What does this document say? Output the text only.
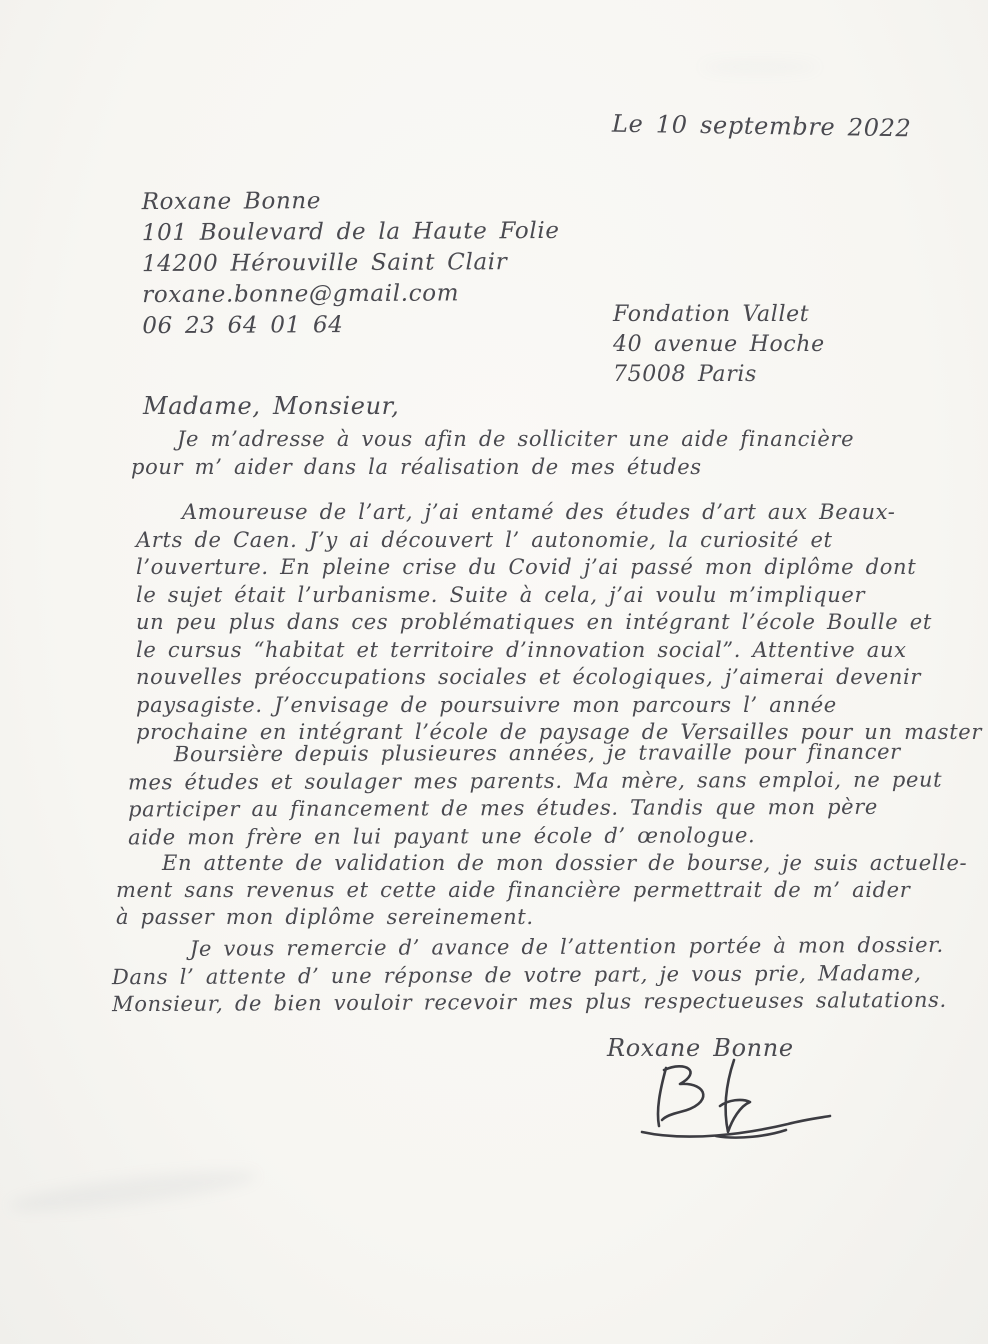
Le 10 septembre 2022
Roxane Bonne
101 Boulevard de la Haute Folie
14200 Hérouville Saint Clair
roxane.bonne@gmail.com
06 23 64 01 64	Fondation Vallet
40 avenue Hoche
75008 Paris
Madame, Monsieur,
Je m’adresse à vous afin de solliciter une aide financière
pour m’ aider dans la réalisation de mes études
Amoureuse de l’art, j’ai entamé des études d’art aux Beaux-
Arts de Caen. J’y ai découvert l’ autonomie, la curiosité et
l’ouverture. En pleine crise du Covid j’ai passé mon diplôme dont
le sujet était l’urbanisme. Suite à cela, j’ai voulu m’impliquer
un peu plus dans ces problématiques en intégrant l’école Boulle et
le cursus “habitat et territoire d’innovation social”. Attentive aux
nouvelles préoccupations sociales et écologiques, j’aimerai devenir
paysagiste. J’envisage de poursuivre mon parcours l’ année
prochaine en intégrant l’école de paysage de Versailles pour un master
Boursière depuis plusieures années, je travaille pour financer
mes études et soulager mes parents. Ma mère, sans emploi, ne peut
participer au financement de mes études. Tandis que mon père
aide mon frère en lui payant une école d’ œnologue.
En attente de validation de mon dossier de bourse, je suis actuelle-
ment sans revenus et cette aide financière permettrait de m’ aider
à passer mon diplôme sereinement.
Je vous remercie d’ avance de l’attention portée à mon dossier.
Dans l’ attente d’ une réponse de votre part, je vous prie, Madame,
Monsieur, de bien vouloir recevoir mes plus respectueuses salutations.
Roxane Bonne
